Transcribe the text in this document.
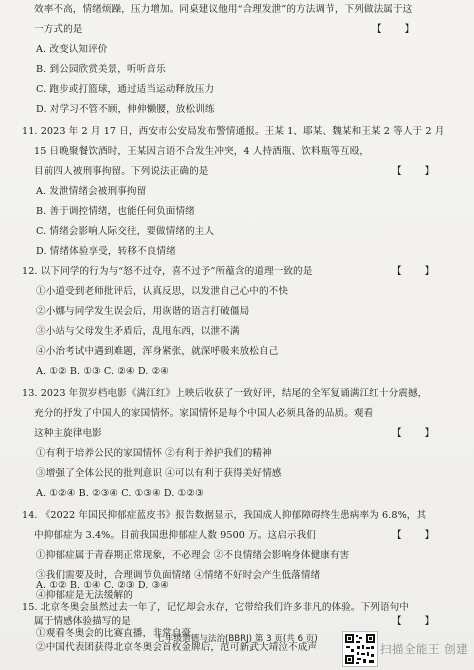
效率不高，情绪烦躁，压力增加。同桌建议他用“合理发泄”的方法调节，下列做法属于这
一方式的是
A. 改变认知评价
B. 到公园欣赏美景，听听音乐
C. 跑步或打篮球，通过适当运动释放压力
D. 对学习不管不顾，伸伸懒腰，放松训练
11. 2023 年 2 月 17 日，西安市公安局发布警情通报。王某 1、耶某、魏某和王某 2 等人于 2 月
15 日晚聚餐饮酒时，王某因言语不合发生冲突，4 人持酒瓶、饮料瓶等互殴，
目前四人被刑事拘留。下列说法正确的是
A. 发泄情绪会被刑事拘留
B. 善于调控情绪，也能任何负面情绪
C. 情绪会影响人际交往，要做情绪的主人
D. 情绪体验享受，转移不良情绪
12. 以下同学的行为与“怒不过夺，喜不过予”所蕴含的道理一致的是
①小道受到老师批评后，认真反思，以发泄自己心中的不快
②小娜与同学发生误会后，用诙谐的语言打破僵局
③小站与父母发生矛盾后，乱甩东西，以泄不满
④小治考试中遇到难题，浑身紧张，就深呼吸来放松自己
A. ①② B. ①③ C. ②④ D. ②④
13. 2023 年贺岁档电影《满江红》上映后收获了一致好评，结尾的全军复诵满江红十分震撼，
充分的抒发了中国人的家国情怀。家国情怀是每个中国人必须具备的品质。观看
这种主旋律电影
①有利于培养公民的家国情怀 ②有利于养护我们的精神
③增强了全体公民的批判意识 ④可以有利于获得美好情感
A. ①②④ B. ②③④ C. ①③④ D. ①②③
14. 《2022 年国民抑郁症蓝皮书》报告数据显示，我国成人抑郁障碍终生患病率为 6.8%，其
中抑郁症为 3.4%。目前我国患抑郁症人数 9500 万。这启示我们
①抑郁症属于青春期正常现象，不必理会 ②不良情绪会影响身体健康有害
③我们需要及时，合理调节负面情绪 ④情绪不好时会产生低落情绪
④抑郁症是无法缓解的
A. ①② B. ①④ C. ②③ D. ③④
15. 北京冬奥会虽然过去一年了，记忆却会永存，它带给我们许多非凡的体验。下列语句中
属于情感体验描写的是
①观看冬奥会的比赛直播，非常自豪
②中国代表团获得北京冬奥会首枚金牌后，范可新武大靖泣不成声
【 】
【 】
【 】
【 】
【 】
【 】
七年级道德与法治(BBRJ) 第 3 页(共 6 页)
扫描全能王 创建
